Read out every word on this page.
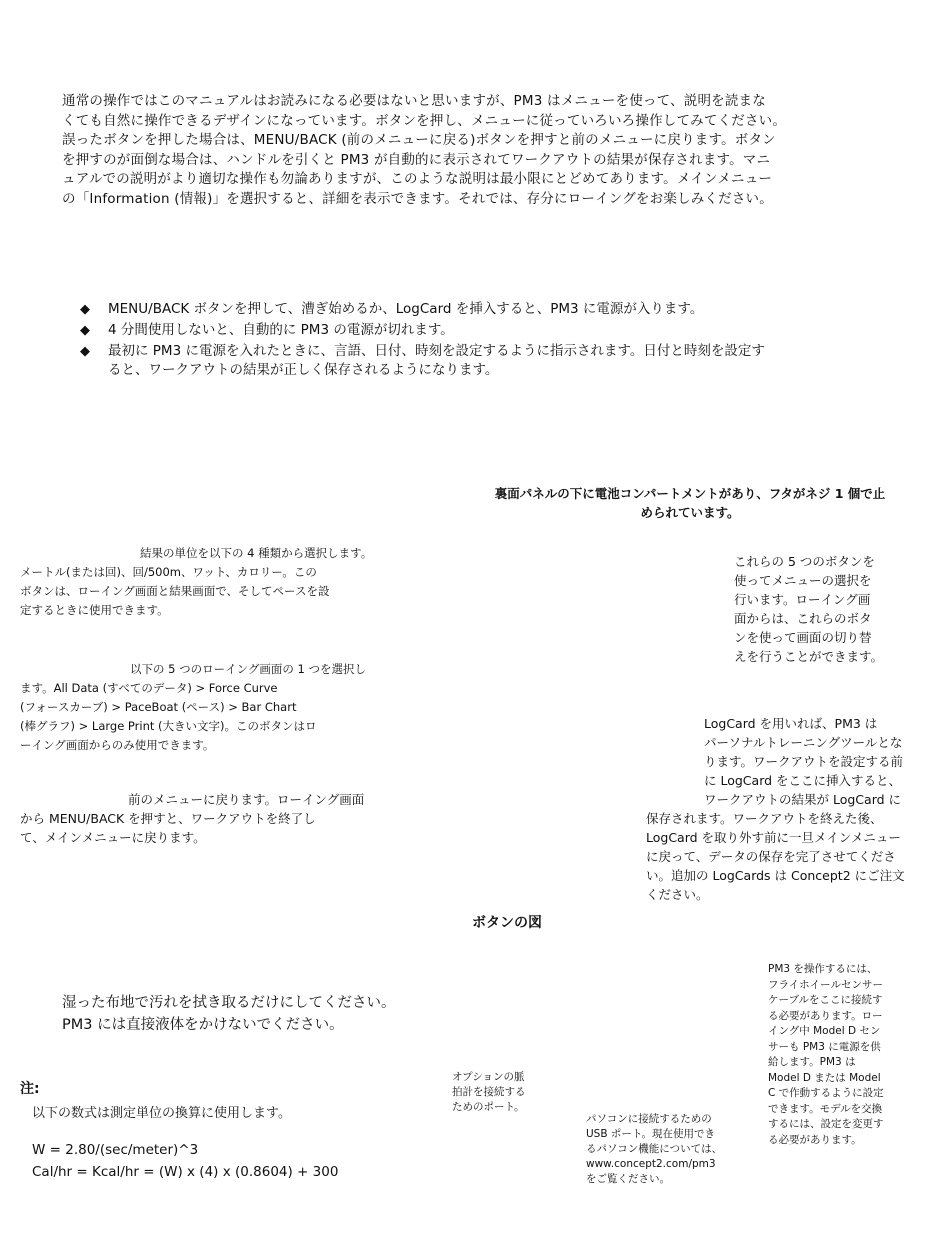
通常の操作ではこのマニュアルはお読みになる必要はないと思いますが、PM3 はメニューを使って、説明を読まな
くても自然に操作できるデザインになっています。ボタンを押し、メニューに従っていろいろ操作してみてください。
誤ったボタンを押した場合は、MENU/BACK (前のメニューに戻る)ボタンを押すと前のメニューに戻ります。ボタン
を押すのが面倒な場合は、ハンドルを引くと PM3 が自動的に表示されてワークアウトの結果が保存されます。マニ
ュアルでの説明がより適切な操作も勿論ありますが、このような説明は最小限にとどめてあります。メインメニュー
の「Information (情報)」を選択すると、詳細を表示できます。それでは、存分にローイングをお楽しみください。
◆ MENU/BACK ボタンを押して、漕ぎ始めるか、LogCard を挿入すると、PM3 に電源が入ります。
◆ 4 分間使用しないと、自動的に PM3 の電源が切れます。
◆ 最初に PM3 に電源を入れたときに、言語、日付、時刻を設定するように指示されます。日付と時刻を設定す
ると、ワークアウトの結果が正しく保存されるようになります。
裏面パネルの下に電池コンパートメントがあり、フタがネジ 1 個で止
められています。
結果の単位を以下の 4 種類から選択します。
メートル(または回)、回/500m、ワット、カロリー。この
ボタンは、ローイング画面と結果画面で、そしてペースを設
定するときに使用できます。
これらの 5 つのボタンを
使ってメニューの選択を
行います。ローイング画
面からは、これらのボタ
ンを使って画面の切り替
えを行うことができます。
以下の 5 つのローイング画面の 1 つを選択し
ます。All Data (すべてのデータ) > Force Curve
(フォースカーブ) > PaceBoat (ペース) > Bar Chart
(棒グラフ) > Large Print (大きい文字)。このボタンはロ
ーイング画面からのみ使用できます。
LogCard を用いれば、PM3 は
パーソナルトレーニングツールとな
ります。ワークアウトを設定する前
に LogCard をここに挿入すると、
ワークアウトの結果が LogCard に
保存されます。ワークアウトを終えた後、
LogCard を取り外す前に一旦メインメニュー
に戻って、データの保存を完了させてくださ
い。追加の LogCards は Concept2 にご注文
ください。
前のメニューに戻ります。ローイング画面
から MENU/BACK を押すと、ワークアウトを終了し
て、メインメニューに戻ります。
ボタンの図
PM3 を操作するには、
フライホイールセンサー
ケーブルをここに接続す
る必要があります。ロー
イング中 Model D セン
サーも PM3 に電源を供
給します。PM3 は
Model D または Model
C で作動するように設定
できます。モデルを交換
するには、設定を変更す
る必要があります。
湿った布地で汚れを拭き取るだけにしてください。
PM3 には直接液体をかけないでください。
オプションの脈
拍計を接続する
ためのポート。
パソコンに接続するための
USB ポート。現在使用でき
るパソコン機能については、
www.concept2.com/pm3
をご覧ください。
注:
以下の数式は測定単位の換算に使用します。
W = 2.80/(sec/meter)^3
Cal/hr = Kcal/hr = (W) x (4) x (0.8604) + 300
